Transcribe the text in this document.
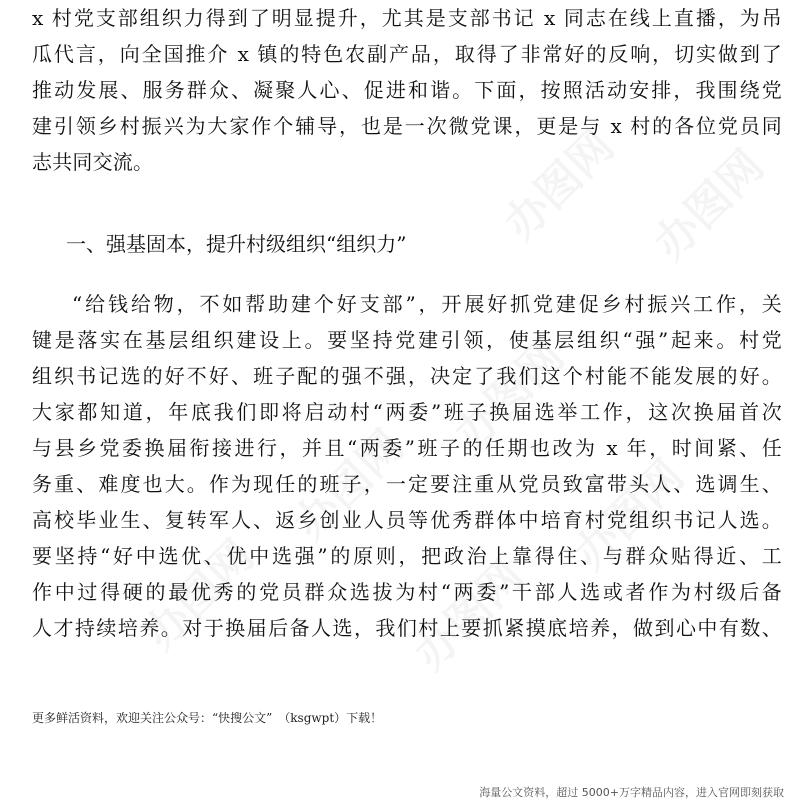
x 村党支部组织力得到了明显提升，尤其是支部书记 x 同志在线上直播，为吊
瓜代言，向全国推介 x 镇的特色农副产品，取得了非常好的反响，切实做到了
推动发展、服务群众、凝聚人心、促进和谐。下面，按照活动安排，我围绕党
建引领乡村振兴为大家作个辅导，也是一次微党课，更是与 x 村的各位党员同
志共同交流。
一、强基固本，提升村级组织“组织力”
“给钱给物，不如帮助建个好支部”，开展好抓党建促乡村振兴工作，关
键是落实在基层组织建设上。要坚持党建引领，使基层组织“强”起来。村党
组织书记选的好不好、班子配的强不强，决定了我们这个村能不能发展的好。
大家都知道，年底我们即将启动村“两委”班子换届选举工作，这次换届首次
与县乡党委换届衔接进行，并且“两委”班子的任期也改为 x 年，时间紧、任
务重、难度也大。作为现任的班子，一定要注重从党员致富带头人、选调生、
高校毕业生、复转军人、返乡创业人员等优秀群体中培育村党组织书记人选。
要坚持“好中选优、优中选强”的原则，把政治上靠得住、与群众贴得近、工
作中过得硬的最优秀的党员群众选拔为村“两委”干部人选或者作为村级后备
人才持续培养。对于换届后备人选，我们村上要抓紧摸底培养，做到心中有数、
更多鲜活资料，欢迎关注公众号：“快搜公文”　（ksgwpt）下载！
海量公文资料，超过 5000+万字精品内容，进入官网即刻获取
